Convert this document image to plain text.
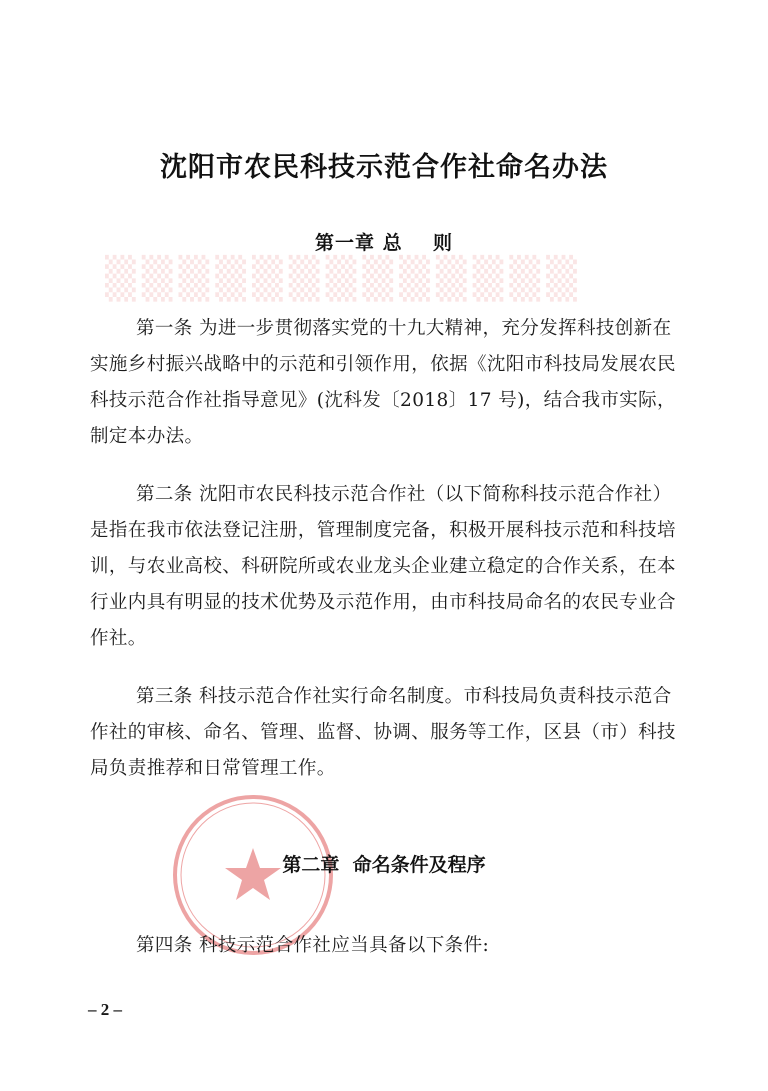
▒▒▒▒▒▒▒▒▒▒▒▒▒
沈阳市农民科技示范合作社命名办法
第一章 总    则
第一条 为进一步贯彻落实党的十九大精神，充分发挥科技创新在实施乡村振兴战略中的示范和引领作用，依据《沈阳市科技局发展农民科技示范合作社指导意见》(沈科发〔2018〕17 号)，结合我市实际，制定本办法。
第二条 沈阳市农民科技示范合作社（以下简称科技示范合作社）是指在我市依法登记注册，管理制度完备，积极开展科技示范和科技培训，与农业高校、科研院所或农业龙头企业建立稳定的合作关系，在本行业内具有明显的技术优势及示范作用，由市科技局命名的农民专业合作社。
第三条 科技示范合作社实行命名制度。市科技局负责科技示范合作社的审核、命名、管理、监督、协调、服务等工作，区县（市）科技局负责推荐和日常管理工作。
第二章  命名条件及程序
第四条 科技示范合作社应当具备以下条件:
– 2 –
